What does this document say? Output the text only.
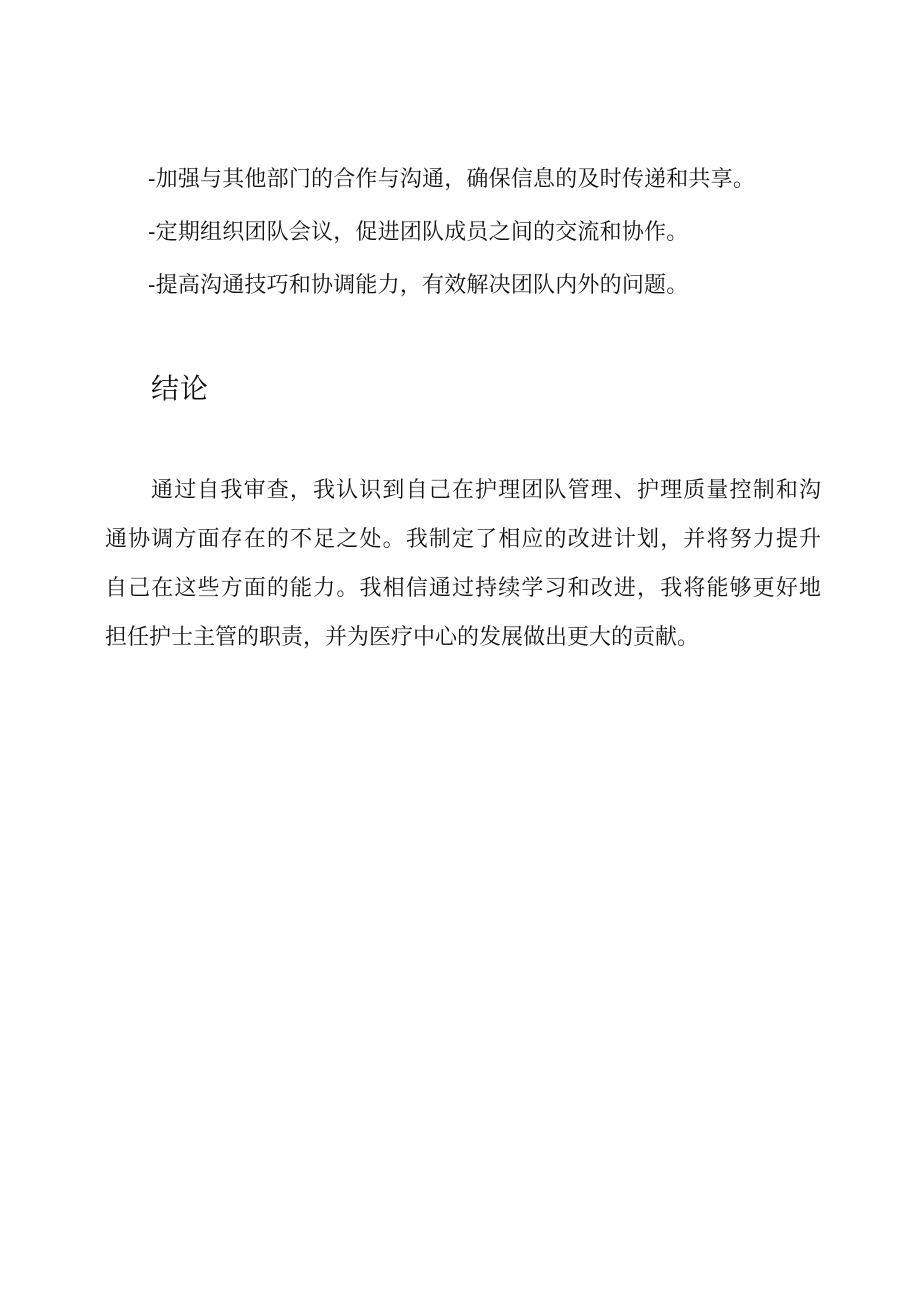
-加强与其他部门的合作与沟通，确保信息的及时传递和共享。
-定期组织团队会议，促进团队成员之间的交流和协作。
-提高沟通技巧和协调能力，有效解决团队内外的问题。
结论

通过自我审查，我认识到自己在护理团队管理、护理质量控制和沟
通协调方面存在的不足之处。我制定了相应的改进计划，并将努力提升
自己在这些方面的能力。我相信通过持续学习和改进，我将能够更好地
担任护士主管的职责，并为医疗中心的发展做出更大的贡献。
